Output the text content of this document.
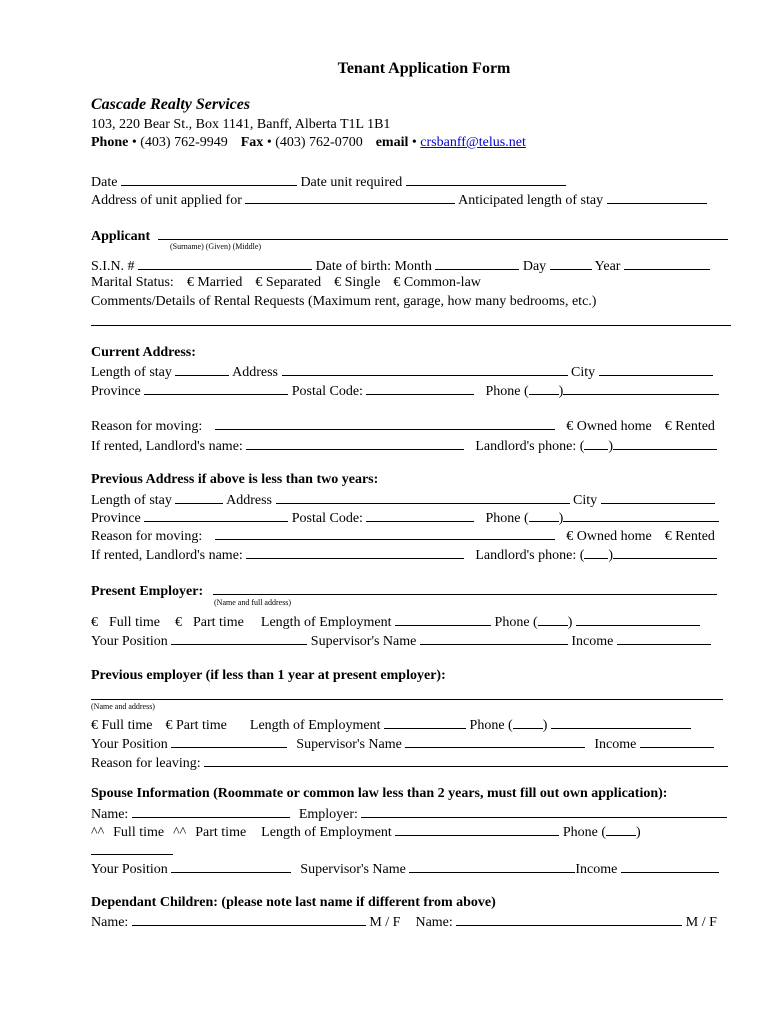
Tenant Application Form
Cascade Realty Services
103, 220 Bear St., Box 1141, Banff, Alberta T1L 1B1
Phone • (403) 762-9949 Fax • (403) 762-0700 email • crsbanff@telus.net
Date	Date unit required
Address of unit applied for	Anticipated length of stay
Applicant
(Surname) (Given) (Middle)
S.I.N. #	Date of birth: Month	Day	Year
Marital Status: € Married € Separated € Single € Common-law
Comments/Details of Rental Requests (Maximum rent, garage, how many bedrooms, etc.)
Current Address:
Length of stay	Address	City
Province	Postal Code:	Phone ( )
Reason for moving:	€ Owned home € Rented
If rented, Landlord's name:	Landlord's phone: ( )
Previous Address if above is less than two years:
Length of stay	Address	City
Province	Postal Code:	Phone ( )
Reason for moving:	€ Owned home € Rented
If rented, Landlord's name:	Landlord's phone: ( )
Present Employer:
(Name and full address)
€ Full time € Part time Length of Employment	Phone ( )
Your Position	Supervisor's Name	Income
Previous employer (if less than 1 year at present employer):
(Name and address)
€ Full time € Part time Length of Employment	Phone ( )
Your Position	Supervisor's Name	Income
Reason for leaving:
Spouse Information (Roommate or common law less than 2 years, must fill out own application):
Name:	Employer:
^^ Full time ^^ Part time Length of Employment	Phone ( )
Your Position	Supervisor's Name	Income
Dependant Children: (please note last name if different from above)
Name:	M / F Name:	M / F
